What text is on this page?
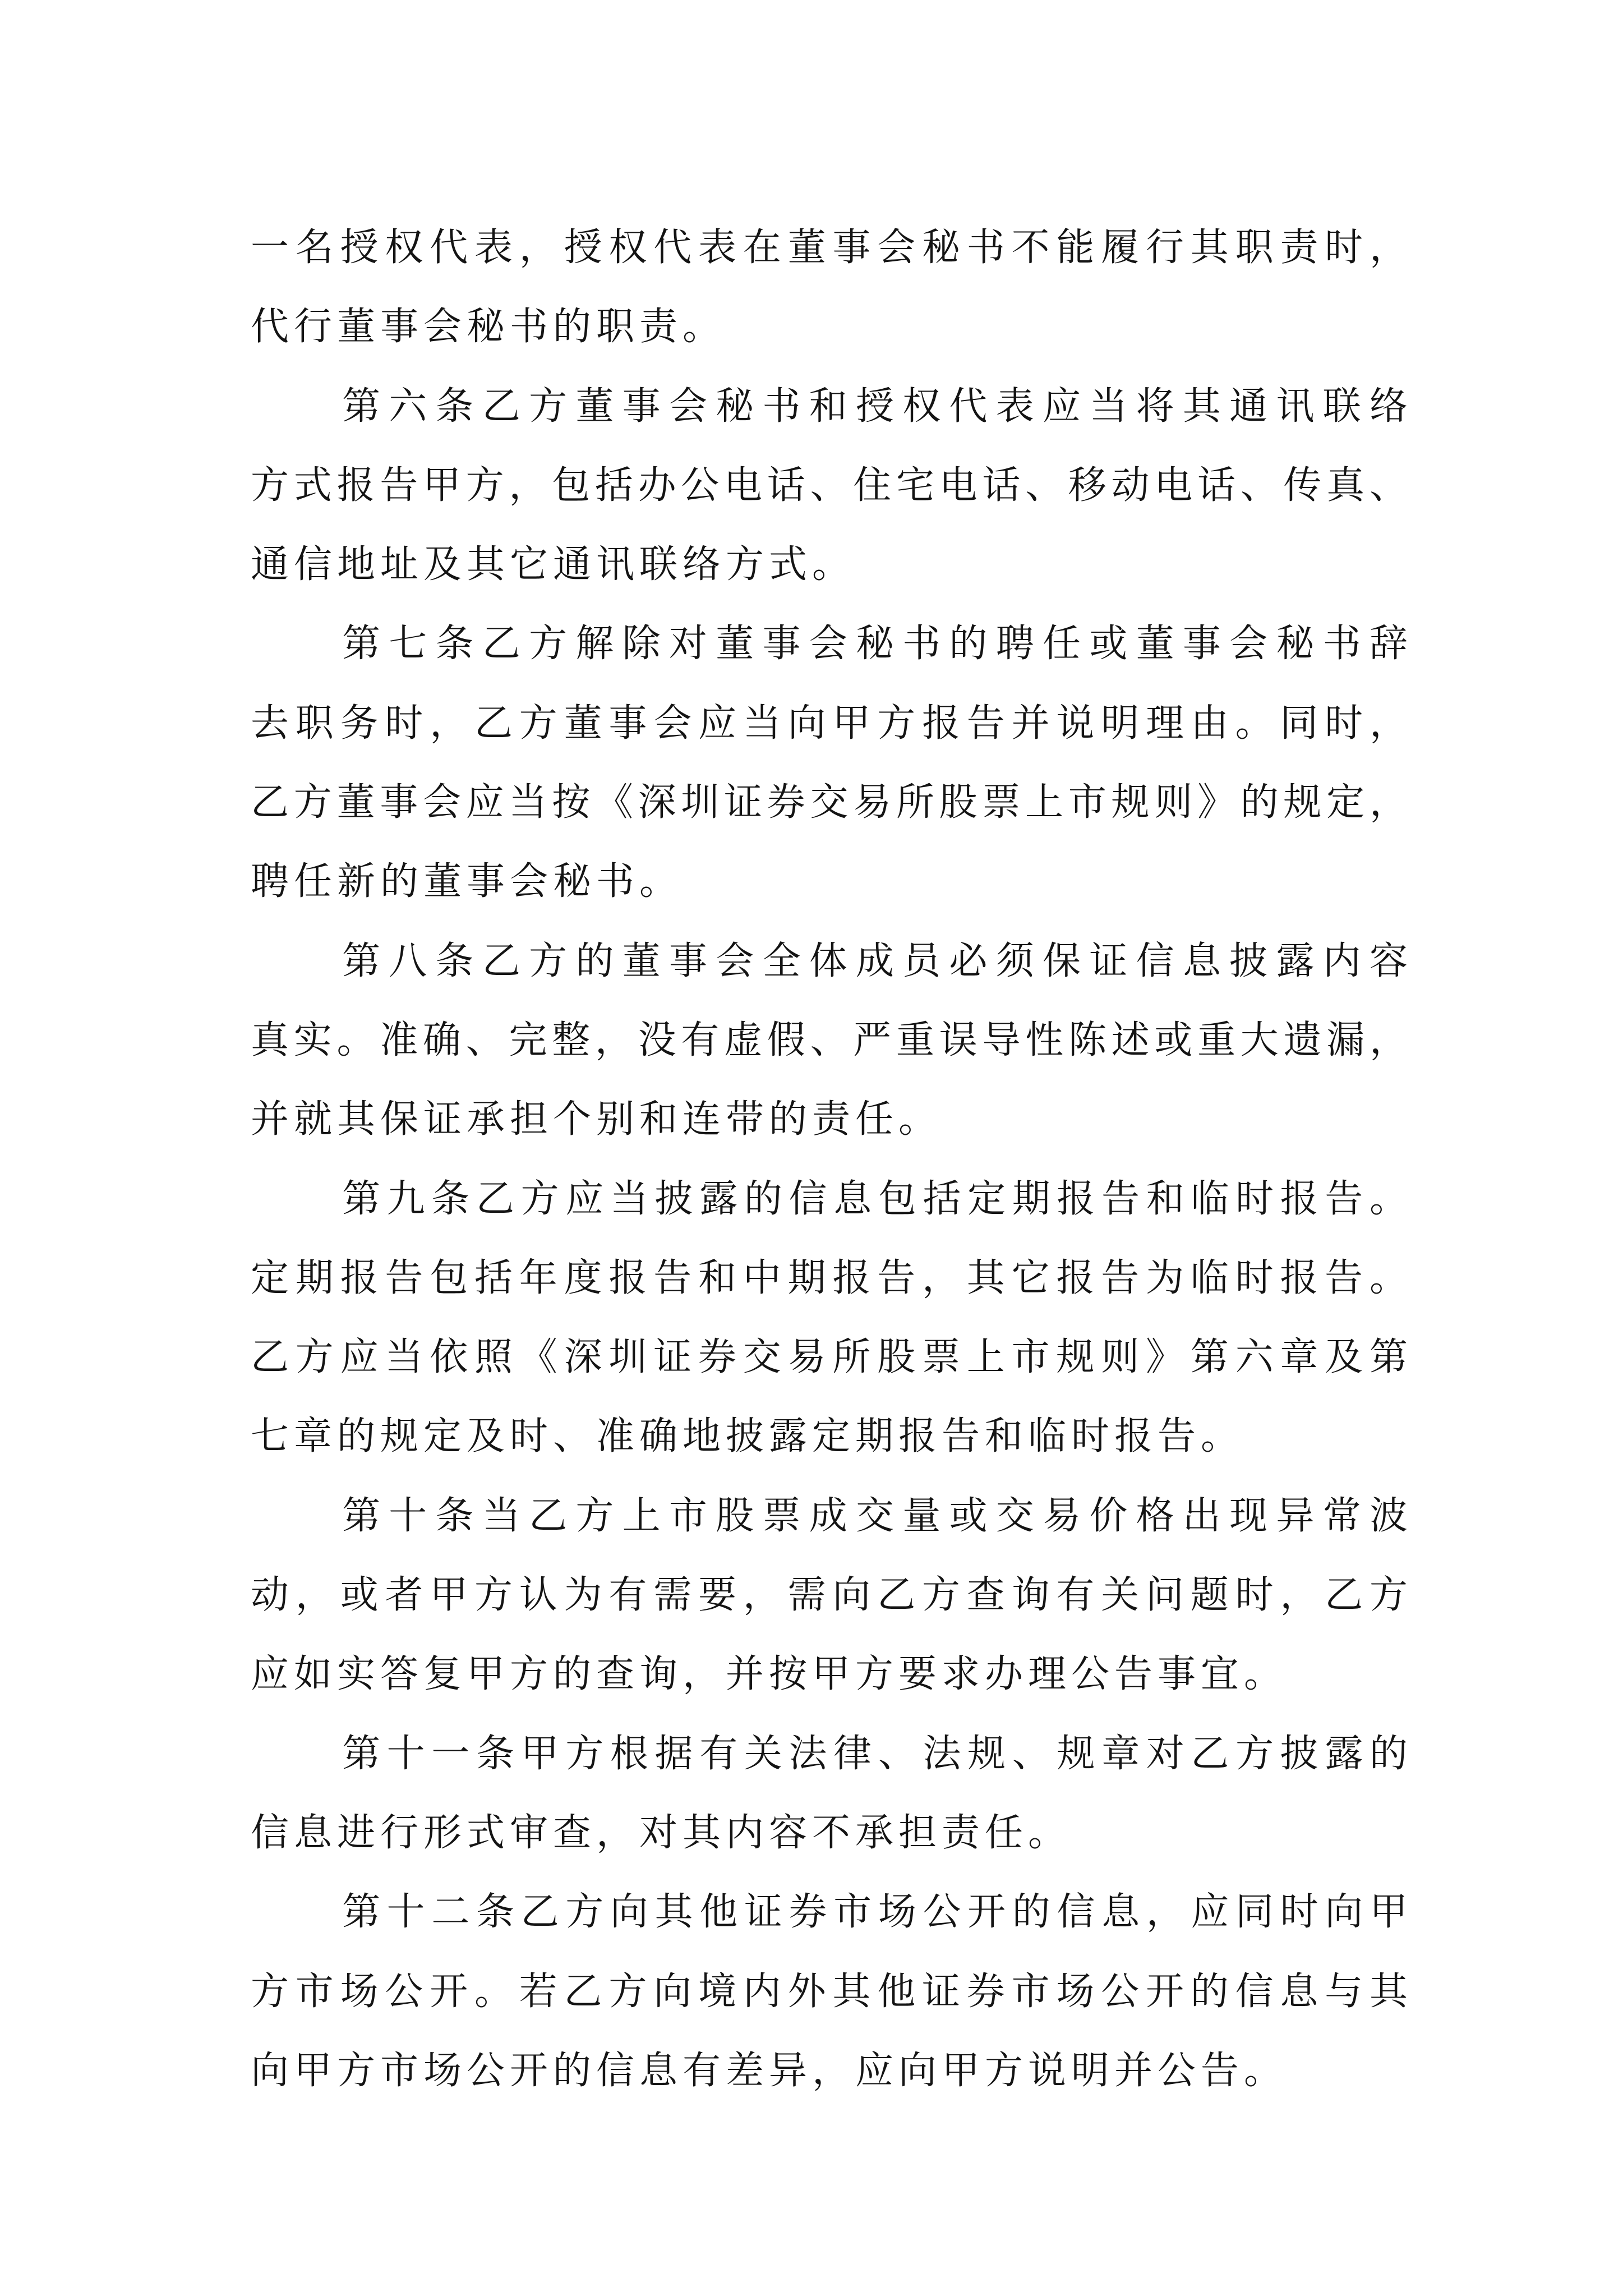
一名授权代表，授权代表在董事会秘书不能履行其职责时，
代行董事会秘书的职责。
第六条乙方董事会秘书和授权代表应当将其通讯联络
方式报告甲方，包括办公电话、住宅电话、移动电话、传真、
通信地址及其它通讯联络方式。
第七条乙方解除对董事会秘书的聘任或董事会秘书辞
去职务时，乙方董事会应当向甲方报告并说明理由。同时，
乙方董事会应当按《深圳证券交易所股票上市规则》的规定，
聘任新的董事会秘书。
第八条乙方的董事会全体成员必须保证信息披露内容
真实。准确、完整，没有虚假、严重误导性陈述或重大遗漏，
并就其保证承担个别和连带的责任。
第九条乙方应当披露的信息包括定期报告和临时报告。
定期报告包括年度报告和中期报告，其它报告为临时报告。
乙方应当依照《深圳证券交易所股票上市规则》第六章及第
七章的规定及时、准确地披露定期报告和临时报告。
第十条当乙方上市股票成交量或交易价格出现异常波
动，或者甲方认为有需要，需向乙方查询有关问题时，乙方
应如实答复甲方的查询，并按甲方要求办理公告事宜。
第十一条甲方根据有关法律、法规、规章对乙方披露的
信息进行形式审查，对其内容不承担责任。
第十二条乙方向其他证券市场公开的信息，应同时向甲
方市场公开。若乙方向境内外其他证券市场公开的信息与其
向甲方市场公开的信息有差异，应向甲方说明并公告。
